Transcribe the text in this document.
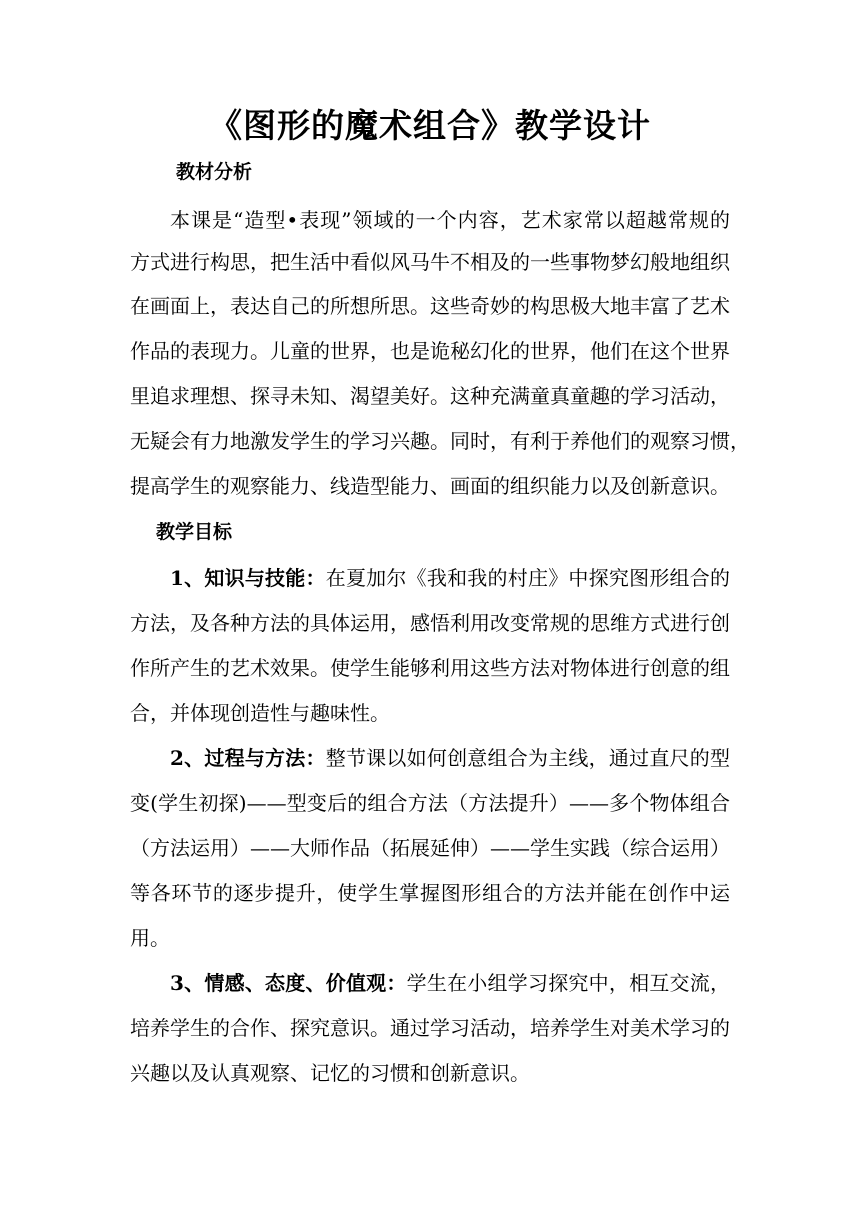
《图形的魔术组合》教学设计
教材分析
本课是“造型•表现”领域的一个内容，艺术家常以超越常规的
方式进行构思，把生活中看似风马牛不相及的一些事物梦幻般地组织
在画面上，表达自己的所想所思。这些奇妙的构思极大地丰富了艺术
作品的表现力。儿童的世界，也是诡秘幻化的世界，他们在这个世界
里追求理想、探寻未知、渴望美好。这种充满童真童趣的学习活动，
无疑会有力地激发学生的学习兴趣。同时，有利于养他们的观察习惯，
提高学生的观察能力、线造型能力、画面的组织能力以及创新意识。
教学目标
1、知识与技能：在夏加尔《我和我的村庄》中探究图形组合的
方法，及各种方法的具体运用，感悟利用改变常规的思维方式进行创
作所产生的艺术效果。使学生能够利用这些方法对物体进行创意的组
合，并体现创造性与趣味性。
2、过程与方法：整节课以如何创意组合为主线，通过直尺的型
变(学生初探)——型变后的组合方法（方法提升）——多个物体组合
（方法运用）——大师作品（拓展延伸）——学生实践（综合运用）
等各环节的逐步提升，使学生掌握图形组合的方法并能在创作中运
用。
3、情感、态度、价值观：学生在小组学习探究中，相互交流，
培养学生的合作、探究意识。通过学习活动，培养学生对美术学习的
兴趣以及认真观察、记忆的习惯和创新意识。
